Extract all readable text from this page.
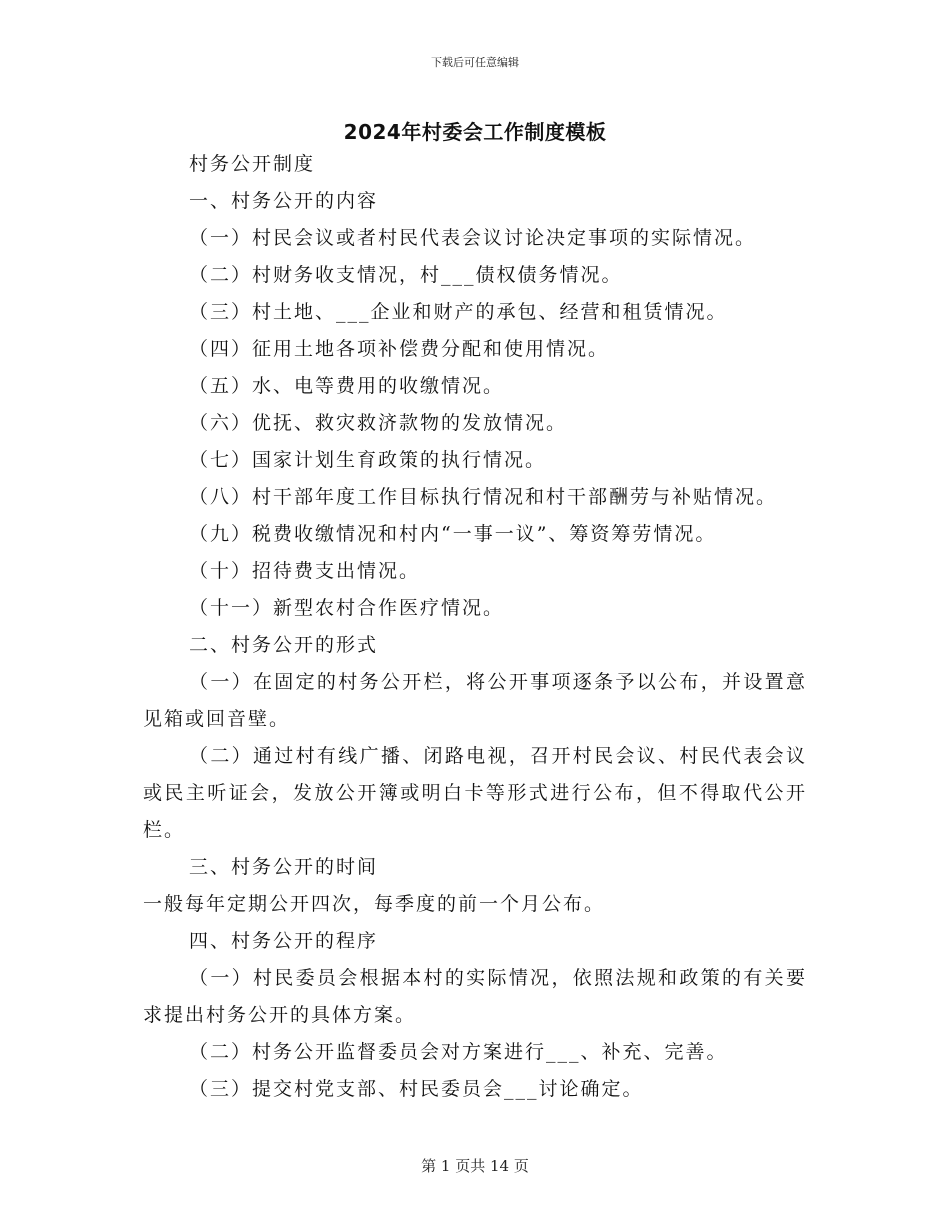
下载后可任意编辑
2024年村委会工作制度模板

村务公开制度

一、村务公开的内容

（一）村民会议或者村民代表会议讨论决定事项的实际情况。

（二）村财务收支情况，村___债权债务情况。

（三）村土地、___企业和财产的承包、经营和租赁情况。

（四）征用土地各项补偿费分配和使用情况。

（五）水、电等费用的收缴情况。

（六）优抚、救灾救济款物的发放情况。

（七）国家计划生育政策的执行情况。

（八）村干部年度工作目标执行情况和村干部酬劳与补贴情况。

（九）税费收缴情况和村内“一事一议”、筹资筹劳情况。

（十）招待费支出情况。

（十一）新型农村合作医疗情况。

二、村务公开的形式

（一）在固定的村务公开栏，将公开事项逐条予以公布，并设置意见箱或回音壁。

（二）通过村有线广播、闭路电视，召开村民会议、村民代表会议或民主听证会，发放公开簿或明白卡等形式进行公布，但不得取代公开栏。

三、村务公开的时间

一般每年定期公开四次，每季度的前一个月公布。

四、村务公开的程序

（一）村民委员会根据本村的实际情况，依照法规和政策的有关要求提出村务公开的具体方案。

（二）村务公开监督委员会对方案进行___、补充、完善。

（三）提交村党支部、村民委员会___讨论确定。

第 1 页共 14 页
